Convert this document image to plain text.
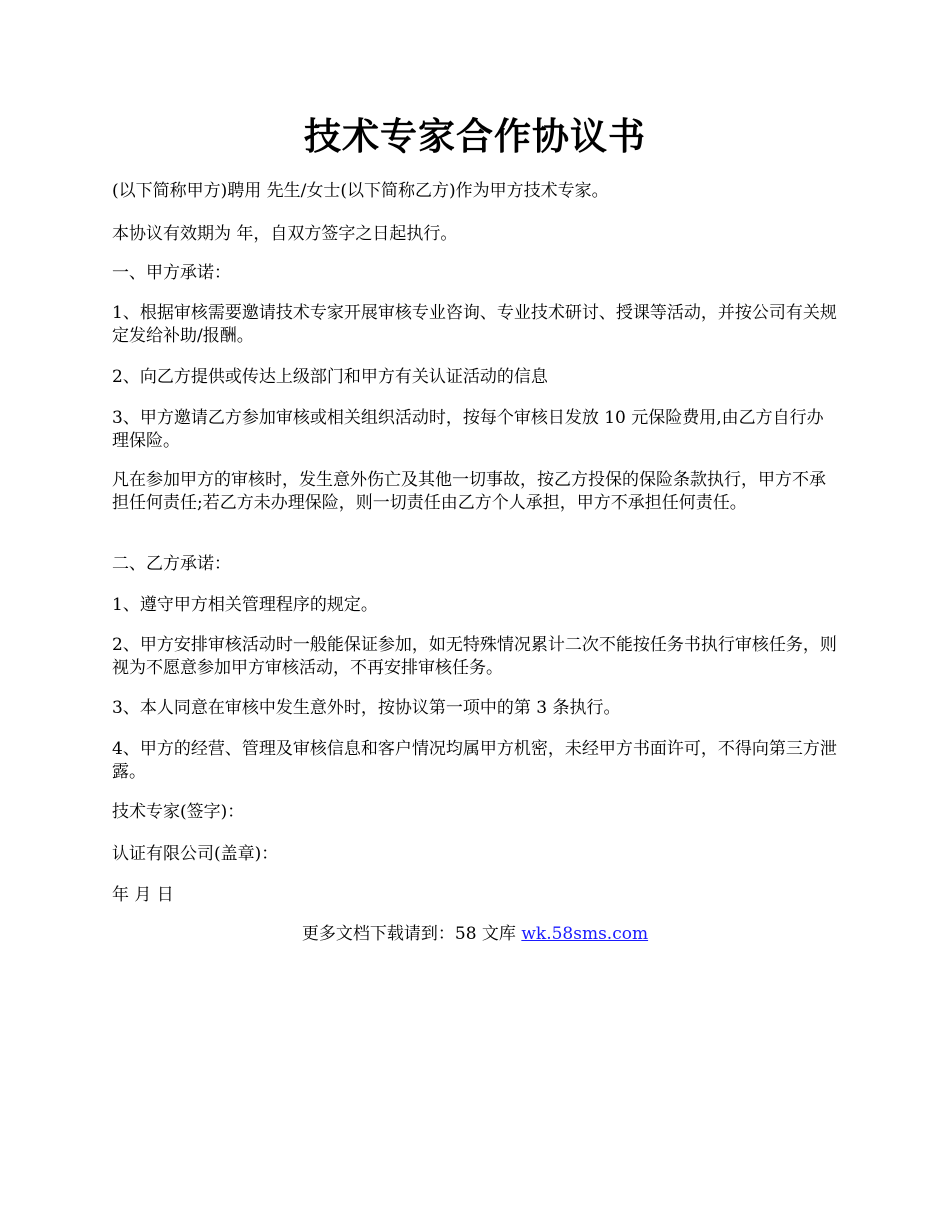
技术专家合作协议书

(以下简称甲方)聘用 先生/女士(以下简称乙方)作为甲方技术专家。

本协议有效期为 年，自双方签字之日起执行。

一、甲方承诺：

1、根据审核需要邀请技术专家开展审核专业咨询、专业技术研讨、授课等活动，并按公司有关规定发给补助/报酬。

2、向乙方提供或传达上级部门和甲方有关认证活动的信息

3、甲方邀请乙方参加审核或相关组织活动时，按每个审核日发放 10 元保险费用,由乙方自行办理保险。

凡在参加甲方的审核时，发生意外伤亡及其他一切事故，按乙方投保的保险条款执行，甲方不承担任何责任;若乙方未办理保险，则一切责任由乙方个人承担，甲方不承担任何责任。

二、乙方承诺：

1、遵守甲方相关管理程序的规定。

2、甲方安排审核活动时一般能保证参加，如无特殊情况累计二次不能按任务书执行审核任务，则视为不愿意参加甲方审核活动，不再安排审核任务。

3、本人同意在审核中发生意外时，按协议第一项中的第 3 条执行。

4、甲方的经营、管理及审核信息和客户情况均属甲方机密，未经甲方书面许可，不得向第三方泄露。

技术专家(签字)：

认证有限公司(盖章)：

年 月 日

更多文档下载请到：58 文库 wk.58sms.com
